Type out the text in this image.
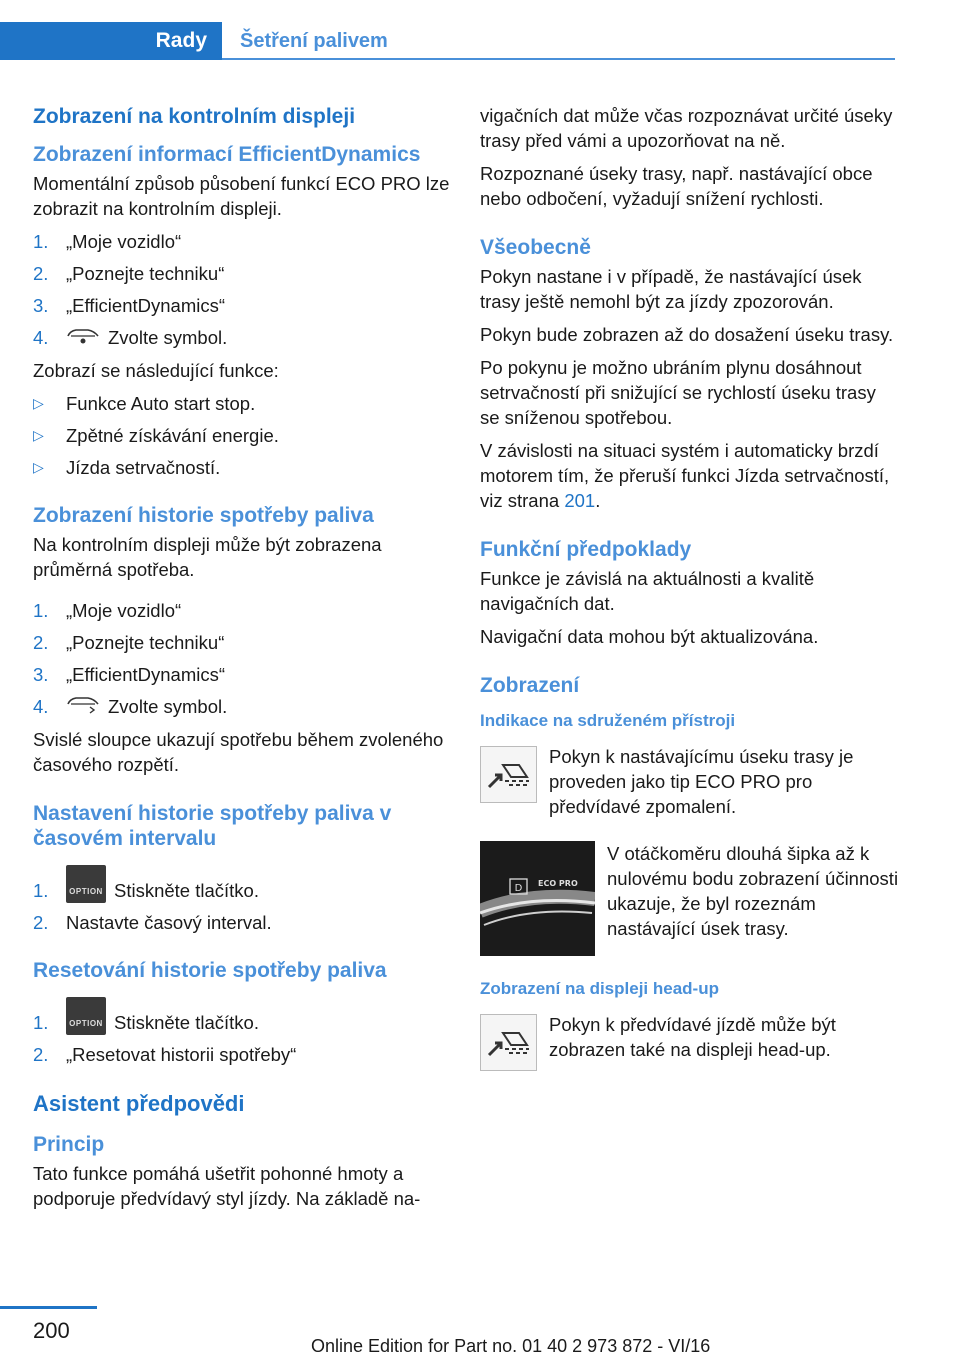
Rady	Šetření palivem
Zobrazení na kontrolním displeji
Zobrazení informací EfficientDynamics

Momentální způsob působení funkcí ECO PRO lze zobrazit na kontrolním displeji.

1. „Moje vozidlo“
2. „Poznejte techniku“
3. „EfficientDynamics“
4.	Zvolte symbol.

Zobrazí se následující funkce:

▷	Funkce Auto start stop.
▷	Zpětné získávání energie.
▷	Jízda setrvačností.
Zobrazení historie spotřeby paliva

Na kontrolním displeji může být zobrazena průměrná spotřeba.

1. „Moje vozidlo“
2. „Poznejte techniku“
3. „EfficientDynamics“
4.	Zvolte symbol.

Svislé sloupce ukazují spotřebu během zvoleného časového rozpětí.

Nastavení historie spotřeby paliva v časovém intervalu
1.	OPTION Stiskněte tlačítko.
2. Nastavte časový interval.
Resetování historie spotřeby paliva
1.	OPTION Stiskněte tlačítko.
2. „Resetovat historii spotřeby“
Asistent předpovědi
Princip

Tato funkce pomáhá ušetřit pohonné hmoty a podporuje předvídavý styl jízdy. Na základě na-

vigačních dat může včas rozpoznávat určité úseky trasy před vámi a upozorňovat na ně.

Rozpoznané úseky trasy, např. nastávající obce nebo odbočení, vyžadují snížení rychlosti.

Všeobecně

Pokyn nastane i v případě, že nastávající úsek trasy ještě nemohl být za jízdy zpozorován.

Pokyn bude zobrazen až do dosažení úseku trasy.

Po pokynu je možno ubráním plynu dosáhnout setrvačností při snižující se rychlostí úseku trasy se sníženou spotřebou.

V závislosti na situaci systém i automaticky brzdí motorem tím, že přeruší funkci Jízda setrvačností, viz strana 201.

Funkční předpoklady

Funkce je závislá na aktuálnosti a kvalitě navigačních dat.

Navigační data mohou být aktualizována.

Zobrazení
Indikace na sdruženém přístroji

Pokyn k nastávajícímu úseku trasy je proveden jako tip ECO PRO pro předvídavé zpomalení.

D ECO PRO

V otáčkoměru dlouhá šipka až k nulovému bodu zobrazení účinnosti ukazuje, že byl rozeznám nastávající úsek trasy.

Zobrazení na displeji head-up

Pokyn k předvídavé jízdě může být zobrazen také na displeji head-up.

200
Online Edition for Part no. 01 40 2 973 872 - VI/16
